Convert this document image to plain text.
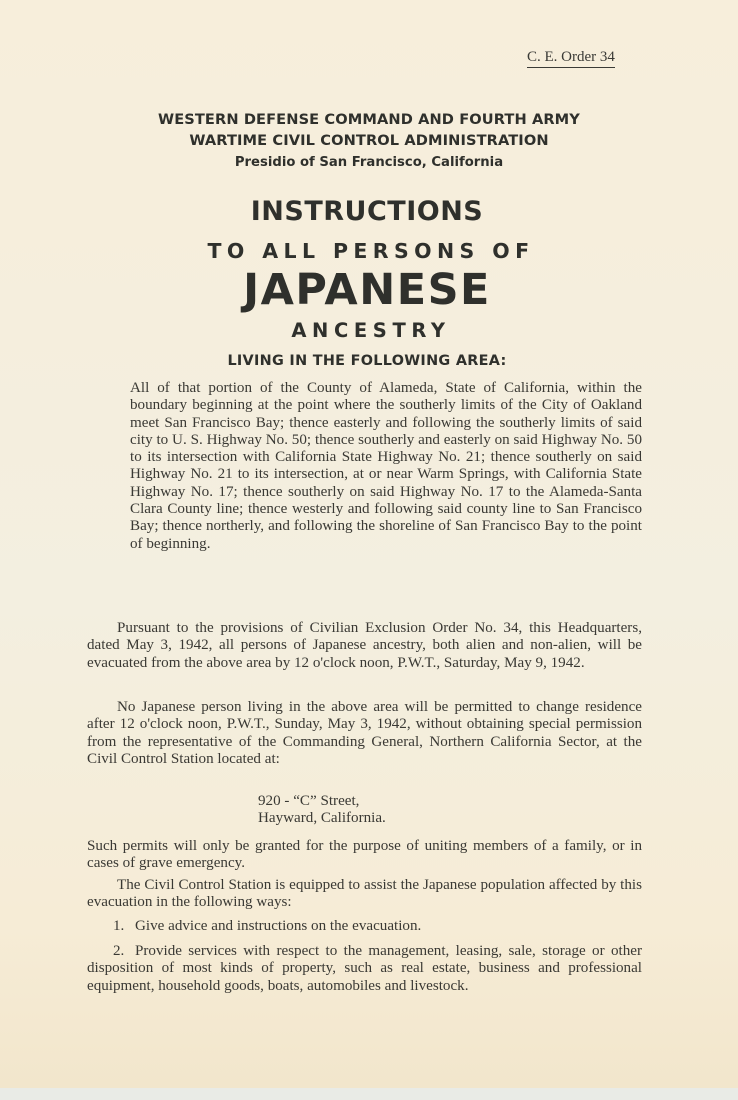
C. E. Order 34
WESTERN DEFENSE COMMAND AND FOURTH ARMY
WARTIME CIVIL CONTROL ADMINISTRATION
Presidio of San Francisco, California
INSTRUCTIONS
TO ALL PERSONS OF
JAPANESE
ANCESTRY
LIVING IN THE FOLLOWING AREA:
All of that portion of the County of Alameda, State of California, within the boundary beginning at the point where the southerly limits of the City of Oakland meet San Francisco Bay; thence easterly and following the southerly limits of said city to U. S. Highway No. 50; thence southerly and easterly on said Highway No. 50 to its intersection with California State Highway No. 21; thence southerly on said Highway No. 21 to its intersection, at or near Warm Springs, with California State Highway No. 17; thence southerly on said Highway No. 17 to the Alameda-Santa Clara County line; thence westerly and following said county line to San Francisco Bay; thence northerly, and following the shoreline of San Francisco Bay to the point of beginning.
Pursuant to the provisions of Civilian Exclusion Order No. 34, this Headquarters, dated May 3, 1942, all persons of Japanese ancestry, both alien and non-alien, will be evacuated from the above area by 12 o'clock noon, P.W.T., Saturday, May 9, 1942.
No Japanese person living in the above area will be permitted to change residence after 12 o'clock noon, P.W.T., Sunday, May 3, 1942, without obtaining special permission from the representative of the Commanding General, Northern California Sector, at the Civil Control Station located at:
920 - “C” Street,
Hayward, California.
Such permits will only be granted for the purpose of uniting members of a family, or in cases of grave emergency.
The Civil Control Station is equipped to assist the Japanese population affected by this evacuation in the following ways:
1. Give advice and instructions on the evacuation.
2. Provide services with respect to the management, leasing, sale, storage or other disposition of most kinds of property, such as real estate, business and professional equipment, household goods, boats, automobiles and livestock.
